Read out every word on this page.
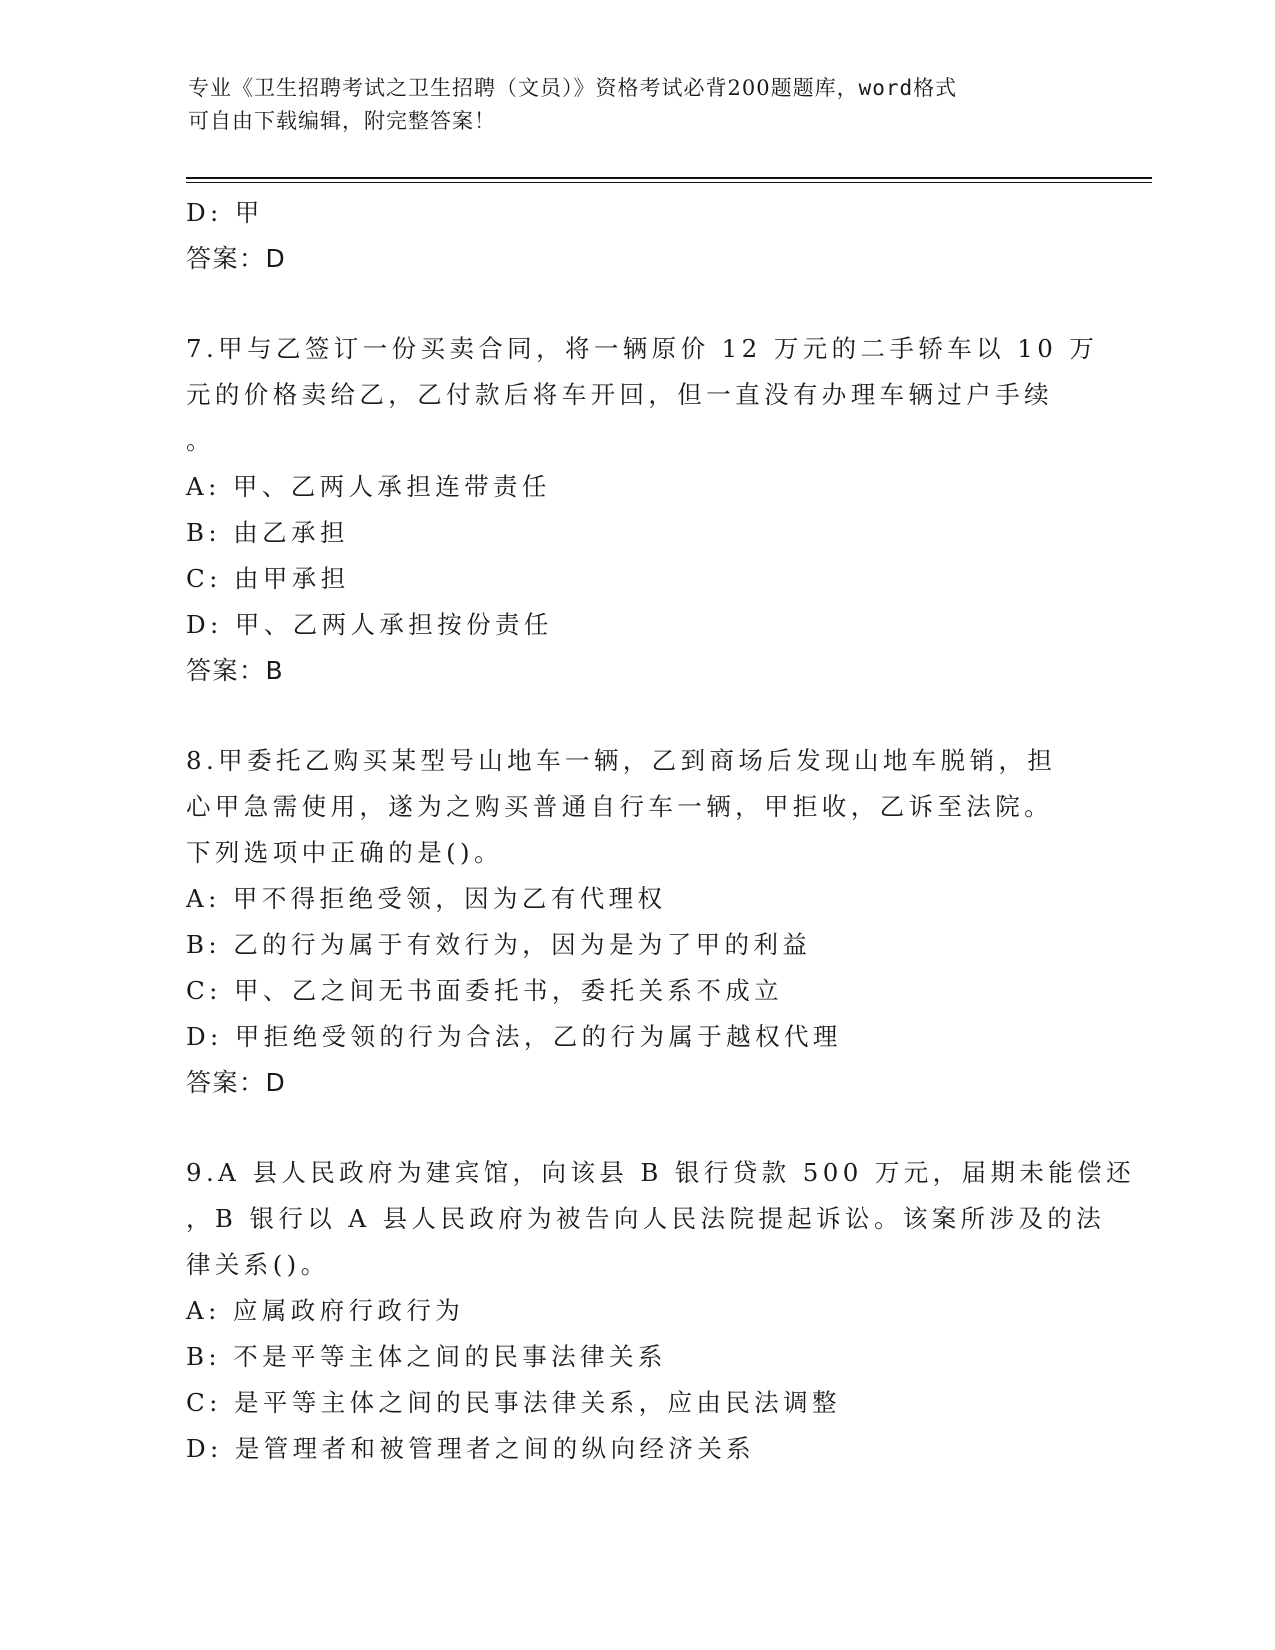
专业《卫生招聘考试之卫生招聘（文员）》资格考试必背200题题库，word格式
可自由下载编辑，附完整答案！
D: 甲
答案：D
7.甲与乙签订一份买卖合同，将一辆原价 12 万元的二手轿车以 10 万
元的价格卖给乙，乙付款后将车开回，但一直没有办理车辆过户手续
。
A: 甲、乙两人承担连带责任
B: 由乙承担
C: 由甲承担
D: 甲、乙两人承担按份责任
答案：B
8.甲委托乙购买某型号山地车一辆，乙到商场后发现山地车脱销，担
心甲急需使用，遂为之购买普通自行车一辆，甲拒收，乙诉至法院。
下列选项中正确的是()。
A: 甲不得拒绝受领，因为乙有代理权
B: 乙的行为属于有效行为，因为是为了甲的利益
C: 甲、乙之间无书面委托书，委托关系不成立
D: 甲拒绝受领的行为合法，乙的行为属于越权代理
答案：D
9.A 县人民政府为建宾馆，向该县 B 银行贷款 500 万元，届期未能偿还
，B 银行以 A 县人民政府为被告向人民法院提起诉讼。该案所涉及的法
律关系()。
A: 应属政府行政行为
B: 不是平等主体之间的民事法律关系
C: 是平等主体之间的民事法律关系，应由民法调整
D: 是管理者和被管理者之间的纵向经济关系
